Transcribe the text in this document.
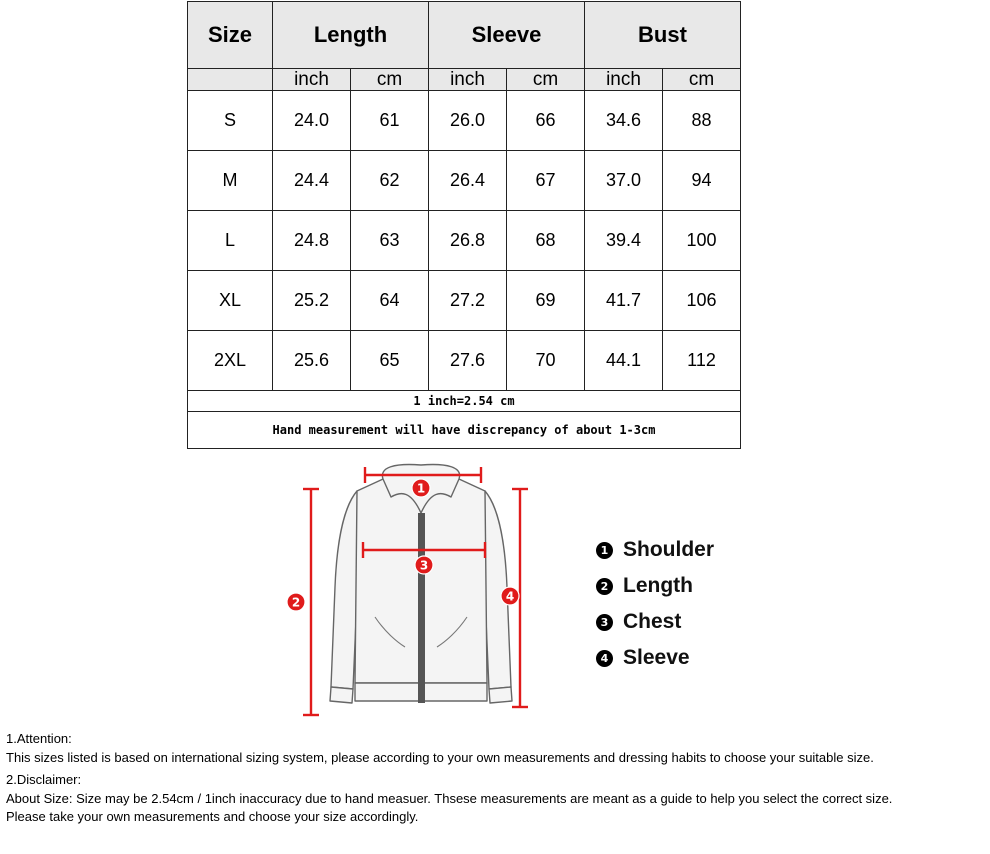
Size	Length		Sleeve		Bust	
	inch	cm	inch	cm	inch	cm
S	24.0	61	26.0	66	34.6	88
M	24.4	62	26.4	67	37.0	94
L	24.8	63	26.8	68	39.4	100
XL	25.2	64	27.2	69	41.7	106
2XL	25.6	65	27.6	70	44.1	112
1 inch=2.54 cm						
Hand measurement will have discrepancy of about 1-3cm						
1
3
2	4
1 Shoulder
2 Length
3 Chest
4 Sleeve
1.Attention:
This sizes listed is based on international sizing system, please according to your own measurements and dressing habits to choose your suitable size.
2.Disclaimer:
About Size: Size may be 2.54cm / 1inch inaccuracy due to hand measuer. Thsese measurements are meant as a guide to help you select the correct size.
Please take your own measurements and choose your size accordingly.
